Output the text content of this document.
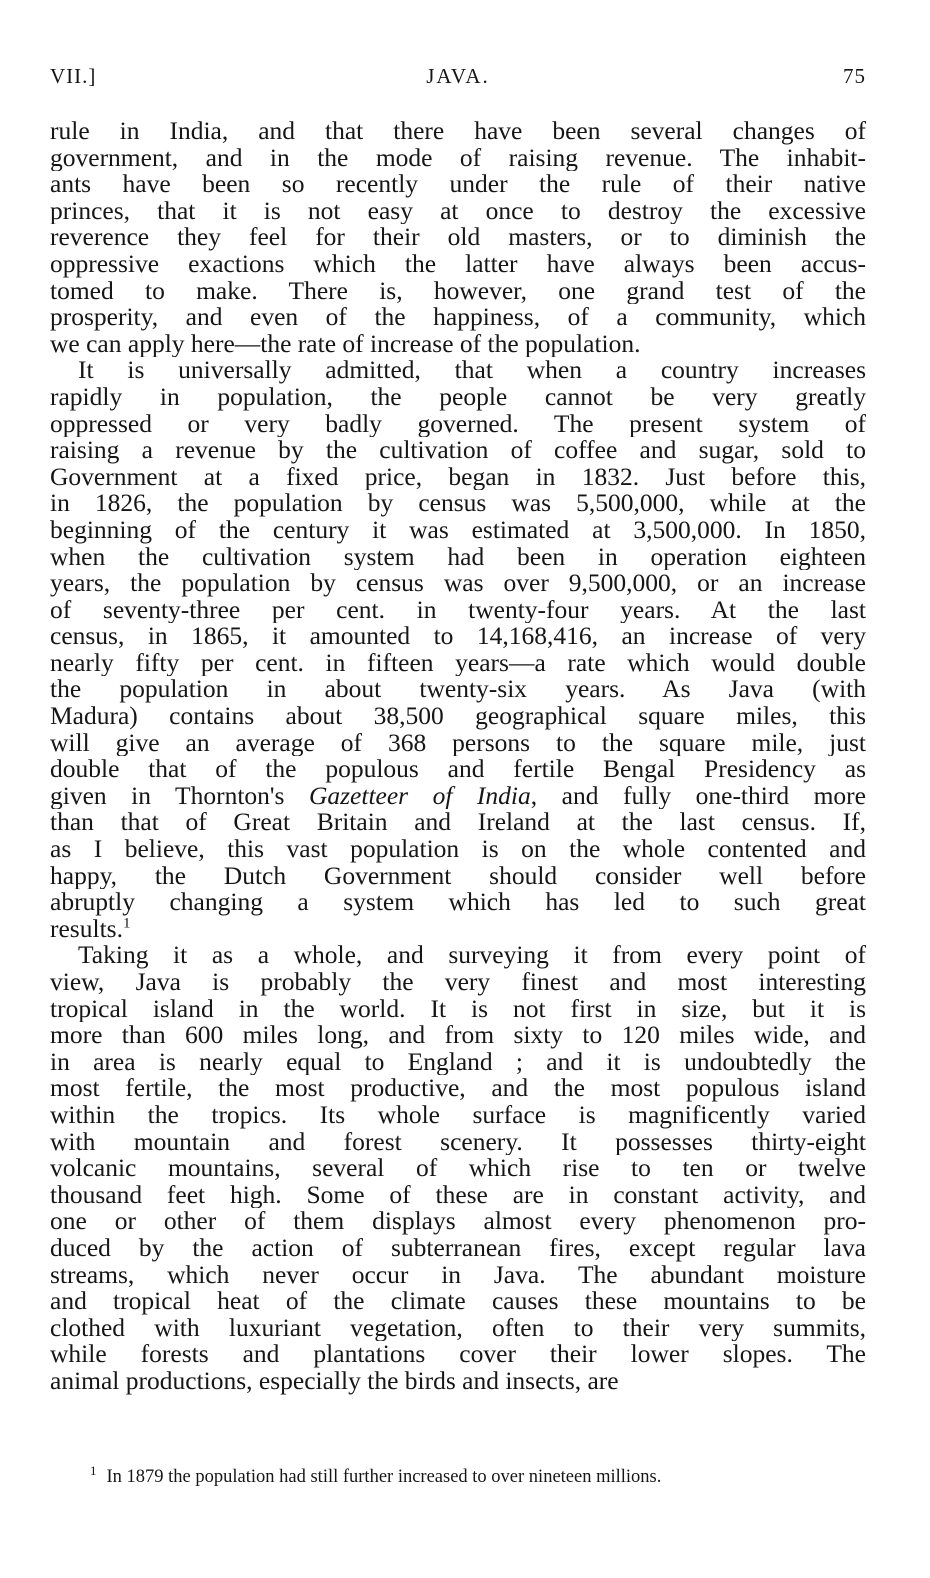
VII.]	JAVA.	75
rule in India, and that there have been several changes of
government, and in the mode of raising revenue. The inhabit-
ants have been so recently under the rule of their native
princes, that it is not easy at once to destroy the excessive
reverence they feel for their old masters, or to diminish the
oppressive exactions which the latter have always been accus-
tomed to make. There is, however, one grand test of the
prosperity, and even of the happiness, of a community, which
we can apply here—the rate of increase of the population.
It is universally admitted, that when a country increases
rapidly in population, the people cannot be very greatly
oppressed or very badly governed. The present system of
raising a revenue by the cultivation of coffee and sugar, sold to
Government at a fixed price, began in 1832. Just before this,
in 1826, the population by census was 5,500,000, while at the
beginning of the century it was estimated at 3,500,000. In 1850,
when the cultivation system had been in operation eighteen
years, the population by census was over 9,500,000, or an increase
of seventy-three per cent. in twenty-four years. At the last
census, in 1865, it amounted to 14,168,416, an increase of very
nearly fifty per cent. in fifteen years—a rate which would double
the population in about twenty-six years. As Java (with
Madura) contains about 38,500 geographical square miles, this
will give an average of 368 persons to the square mile, just
double that of the populous and fertile Bengal Presidency as
given in Thornton's Gazetteer of India, and fully one-third more
than that of Great Britain and Ireland at the last census. If,
as I believe, this vast population is on the whole contented and
happy, the Dutch Government should consider well before
abruptly changing a system which has led to such great
results.$^1$
Taking it as a whole, and surveying it from every point of
view, Java is probably the very finest and most interesting
tropical island in the world. It is not first in size, but it is
more than 600 miles long, and from sixty to 120 miles wide, and
in area is nearly equal to England ; and it is undoubtedly the
most fertile, the most productive, and the most populous island
within the tropics. Its whole surface is magnificently varied
with mountain and forest scenery. It possesses thirty-eight
volcanic mountains, several of which rise to ten or twelve
thousand feet high. Some of these are in constant activity, and
one or other of them displays almost every phenomenon pro-
duced by the action of subterranean fires, except regular lava
streams, which never occur in Java. The abundant moisture
and tropical heat of the climate causes these mountains to be
clothed with luxuriant vegetation, often to their very summits,
while forests and plantations cover their lower slopes. The
animal productions, especially the birds and insects, are
$^1$ In 1879 the population had still further increased to over nineteen millions.
